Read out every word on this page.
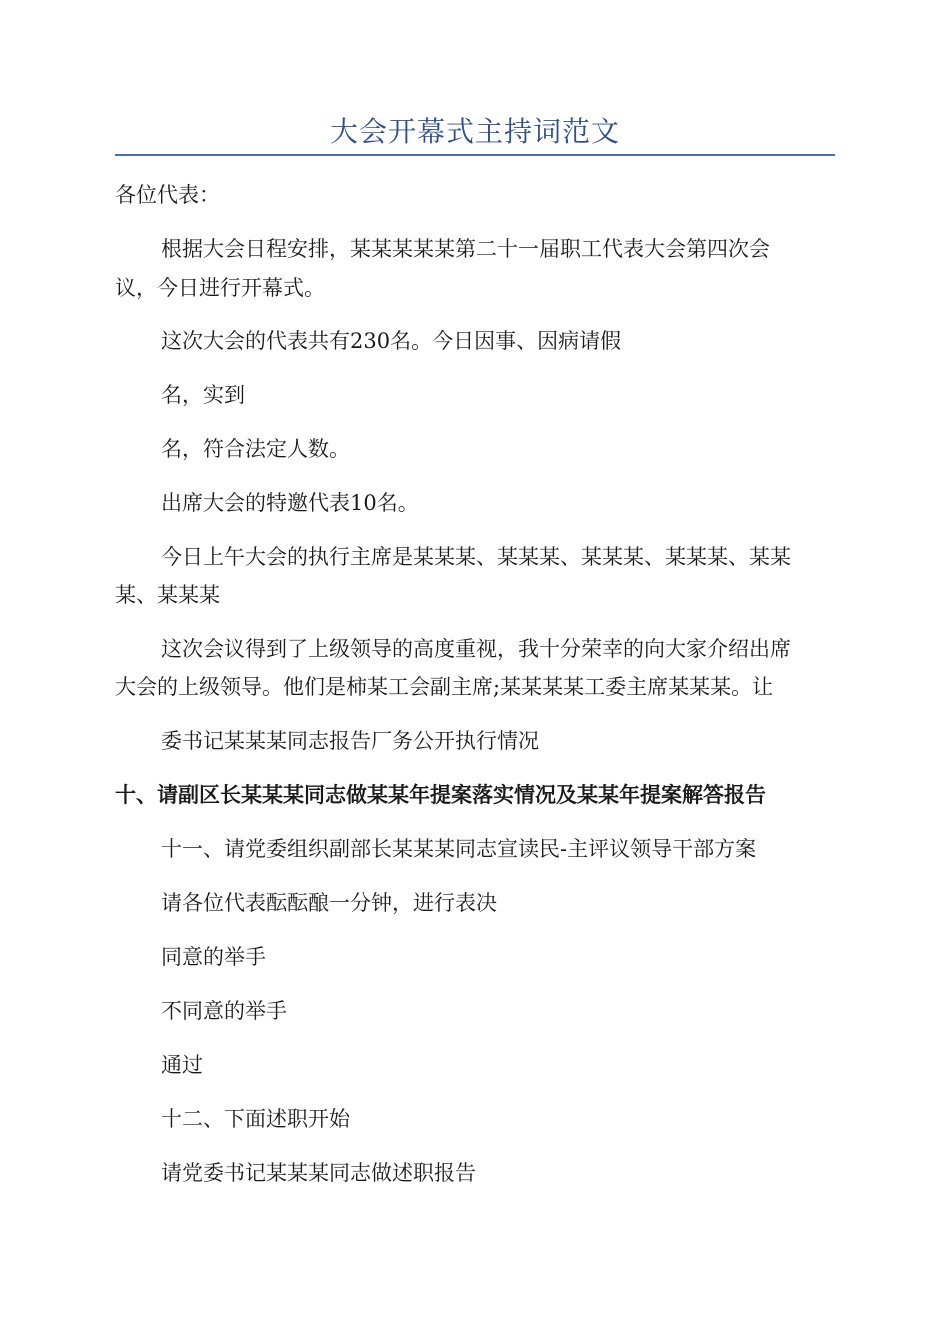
大会开幕式主持词范文
各位代表：
根据大会日程安排，某某某某某第二十一届职工代表大会第四次会
议，今日进行开幕式。
这次大会的代表共有230名。今日因事、因病请假
名，实到
名，符合法定人数。
出席大会的特邀代表10名。
今日上午大会的执行主席是某某某、某某某、某某某、某某某、某某
某、某某某
这次会议得到了上级领导的高度重视，我十分荣幸的向大家介绍出席
大会的上级领导。他们是柿某工会副主席;某某某某工委主席某某某。让
委书记某某某同志报告厂务公开执行情况
十、请副区长某某某同志做某某年提案落实情况及某某年提案解答报告
十一、请党委组织副部长某某某同志宣读民-主评议领导干部方案
请各位代表酝酝酿一分钟，进行表决
同意的举手
不同意的举手
通过
十二、下面述职开始
请党委书记某某某同志做述职报告
